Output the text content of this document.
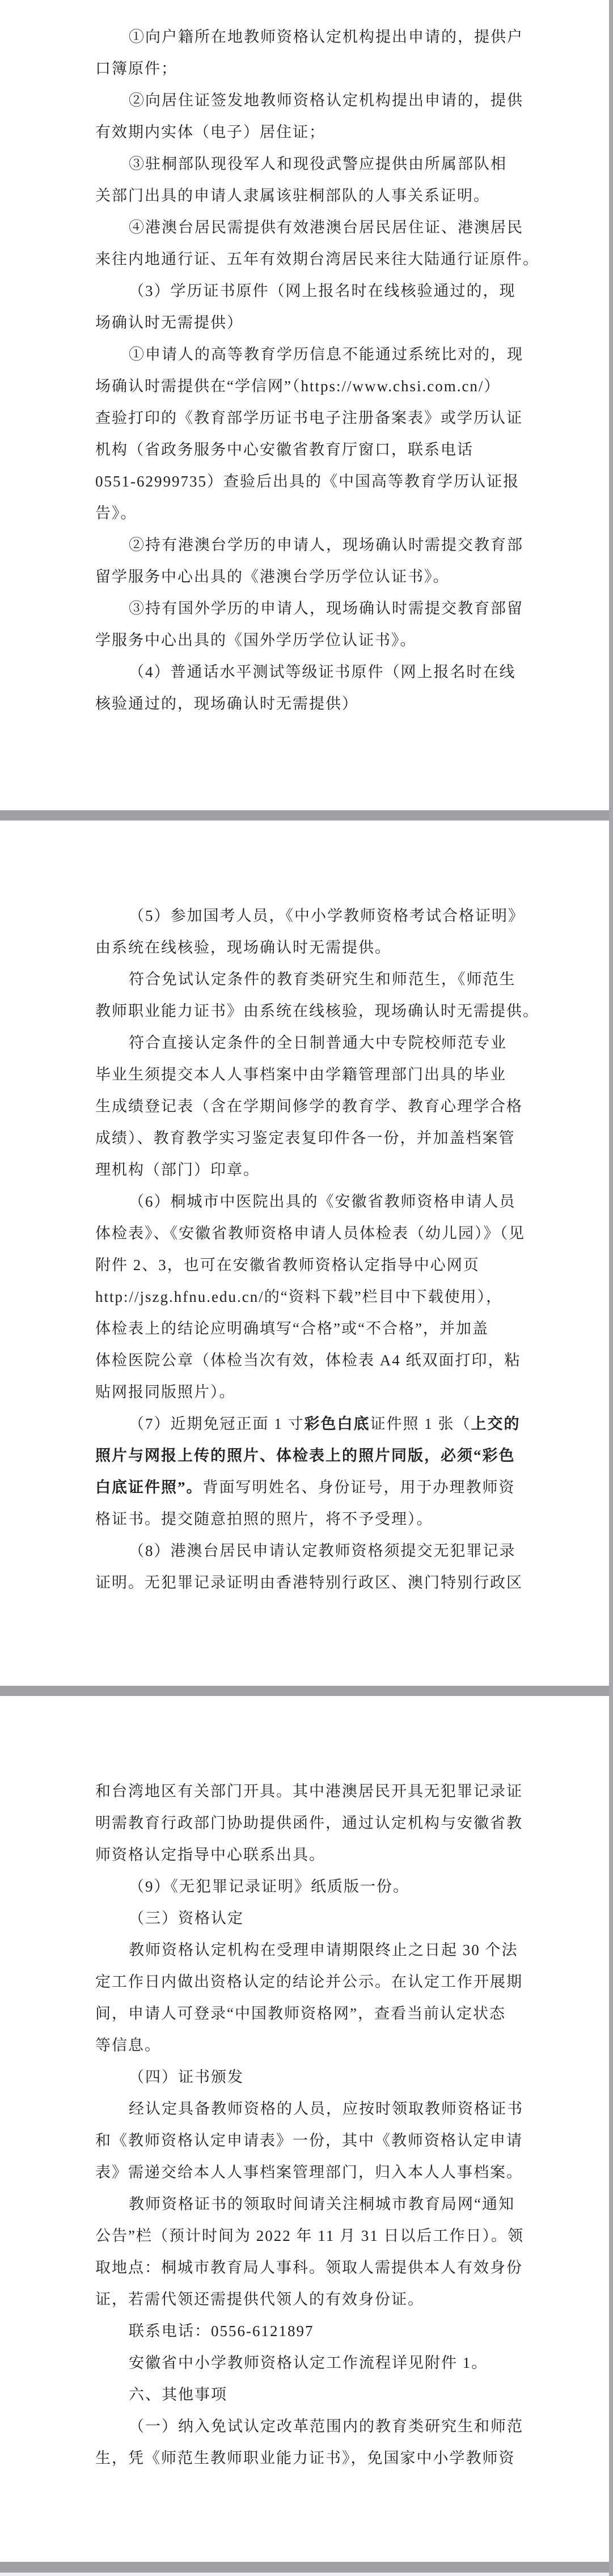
①向户籍所在地教师资格认定机构提出申请的，提供户
口簿原件；
②向居住证签发地教师资格认定机构提出申请的，提供
有效期内实体（电子）居住证；
③驻桐部队现役军人和现役武警应提供由所属部队相
关部门出具的申请人隶属该驻桐部队的人事关系证明。
④港澳台居民需提供有效港澳台居民居住证、港澳居民
来往内地通行证、五年有效期台湾居民来往大陆通行证原件。
（3）学历证书原件（网上报名时在线核验通过的，现
场确认时无需提供）
①申请人的高等教育学历信息不能通过系统比对的，现
场确认时需提供在“学信网”（https://www.chsi.com.cn/）
查验打印的《教育部学历证书电子注册备案表》或学历认证
机构（省政务服务中心安徽省教育厅窗口，联系电话
0551-62999735）查验后出具的《中国高等教育学历认证报
告》。
②持有港澳台学历的申请人，现场确认时需提交教育部
留学服务中心出具的《港澳台学历学位认证书》。
③持有国外学历的申请人，现场确认时需提交教育部留
学服务中心出具的《国外学历学位认证书》。
（4）普通话水平测试等级证书原件（网上报名时在线
核验通过的，现场确认时无需提供）
（5）参加国考人员，《中小学教师资格考试合格证明》
由系统在线核验，现场确认时无需提供。
符合免试认定条件的教育类研究生和师范生，《师范生
教师职业能力证书》由系统在线核验，现场确认时无需提供。
符合直接认定条件的全日制普通大中专院校师范专业
毕业生须提交本人人事档案中由学籍管理部门出具的毕业
生成绩登记表（含在学期间修学的教育学、教育心理学合格
成绩）、教育教学实习鉴定表复印件各一份，并加盖档案管
理机构（部门）印章。
（6）桐城市中医院出具的《安徽省教师资格申请人员
体检表》、《安徽省教师资格申请人员体检表（幼儿园）》（见
附件 2、3，也可在安徽省教师资格认定指导中心网页
http://jszg.hfnu.edu.cn/的“资料下载”栏目中下载使用），
体检表上的结论应明确填写“合格”或“不合格”，并加盖
体检医院公章（体检当次有效，体检表 A4 纸双面打印，粘
贴网报同版照片）。
（7）近期免冠正面 1 寸彩色白底证件照 1 张（上交的
照片与网报上传的照片、体检表上的照片同版，必须“彩色
白底证件照”。背面写明姓名、身份证号，用于办理教师资
格证书。提交随意拍照的照片，将不予受理）。
（8）港澳台居民申请认定教师资格须提交无犯罪记录
证明。无犯罪记录证明由香港特别行政区、澳门特别行政区
和台湾地区有关部门开具。其中港澳居民开具无犯罪记录证
明需教育行政部门协助提供函件，通过认定机构与安徽省教
师资格认定指导中心联系出具。
（9）《无犯罪记录证明》纸质版一份。
（三）资格认定
教师资格认定机构在受理申请期限终止之日起 30 个法
定工作日内做出资格认定的结论并公示。在认定工作开展期
间，申请人可登录“中国教师资格网”，查看当前认定状态
等信息。
（四）证书颁发
经认定具备教师资格的人员，应按时领取教师资格证书
和《教师资格认定申请表》一份，其中《教师资格认定申请
表》需递交给本人人事档案管理部门，归入本人人事档案。
教师资格证书的领取时间请关注桐城市教育局网“通知
公告”栏（预计时间为 2022 年 11 月 31 日以后工作日）。领
取地点：桐城市教育局人事科。领取人需提供本人有效身份
证，若需代领还需提供代领人的有效身份证。
联系电话：0556-6121897
安徽省中小学教师资格认定工作流程详见附件 1。
六、其他事项
（一）纳入免试认定改革范围内的教育类研究生和师范
生，凭《师范生教师职业能力证书》，免国家中小学教师资
